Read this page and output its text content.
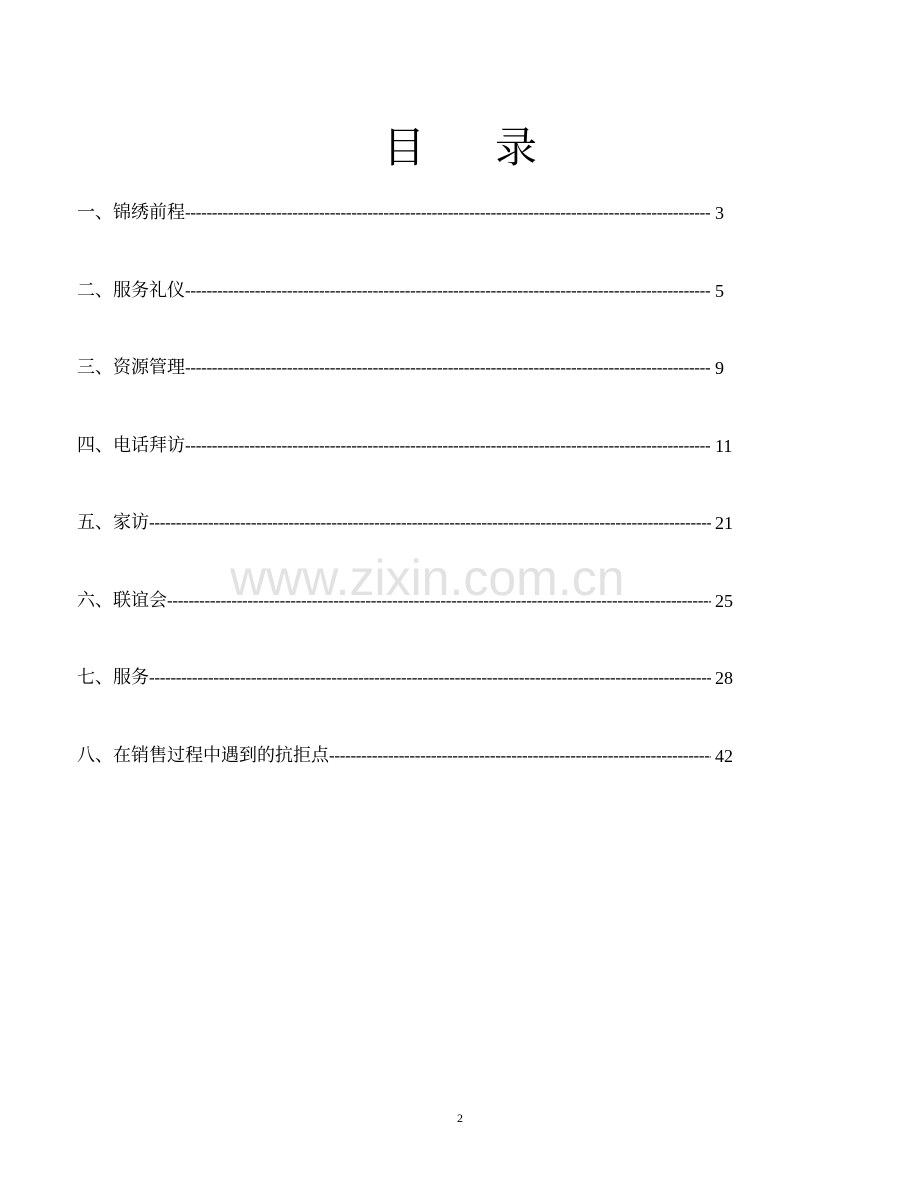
目 录
一、锦绣前程 -----	3
二、服务礼仪 -----	5
三、资源管理 -----	9
四、电话拜访 -----	11
五、家访 -----	21
六、联谊会 -----	25
七、服务 -----	28
八、在销售过程中遇到的抗拒点 -----	42
www.zixin.com.cn
2
